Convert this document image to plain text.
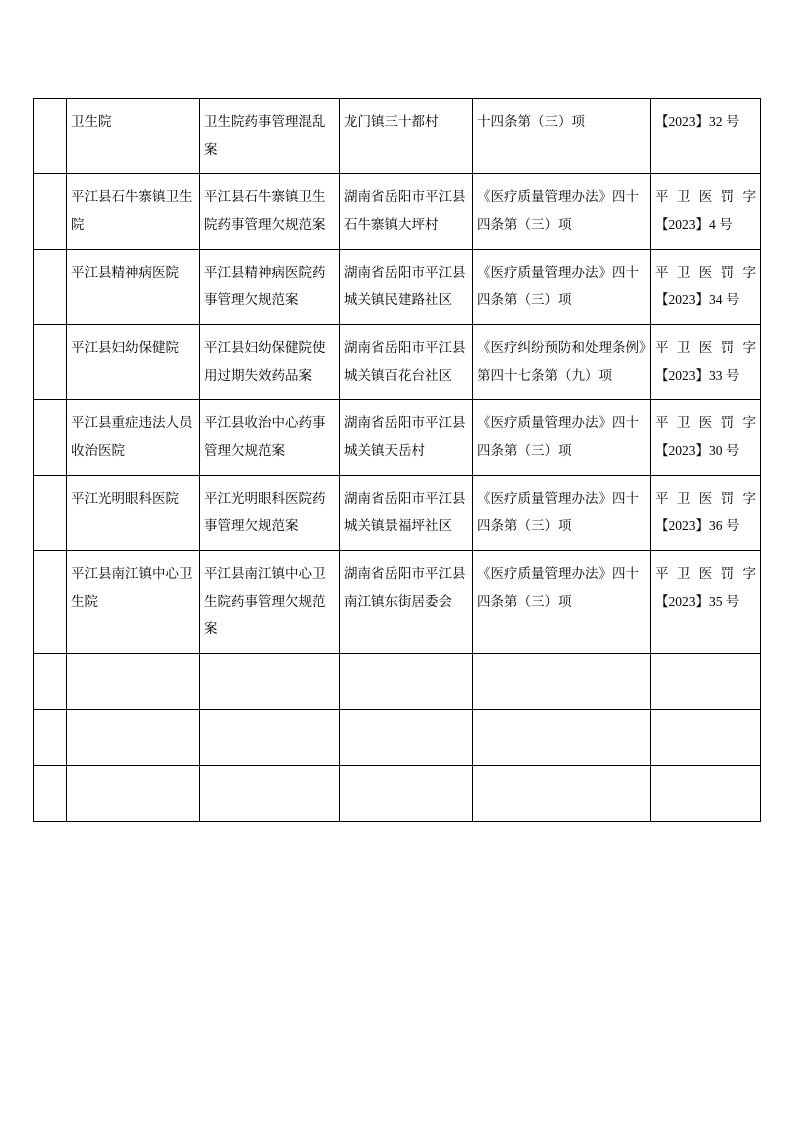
	卫生院	卫生院药事管理混乱案	龙门镇三十都村	十四条第（三）项	【2023】32 号

	平江县石牛寨镇卫生院	平江县石牛寨镇卫生院药事管理欠规范案	湖南省岳阳市平江县石牛寨镇大坪村	《医疗质量管理办法》四十四条第（三）项	平 卫 医 罚 字
【2023】4 号

	平江县精神病医院	平江县精神病医院药事管理欠规范案	湖南省岳阳市平江县城关镇民建路社区	《医疗质量管理办法》四十四条第（三）项	平 卫 医 罚 字
【2023】34 号

	平江县妇幼保健院	平江县妇幼保健院使用过期失效药品案	湖南省岳阳市平江县城关镇百花台社区	《医疗纠纷预防和处理条例》第四十七条第（九）项	平 卫 医 罚 字
【2023】33 号

	平江县重症违法人员收治医院	平江县收治中心药事管理欠规范案	湖南省岳阳市平江县城关镇天岳村	《医疗质量管理办法》四十四条第（三）项	平 卫 医 罚 字
【2023】30 号

	平江光明眼科医院	平江光明眼科医院药事管理欠规范案	湖南省岳阳市平江县城关镇景福坪社区	《医疗质量管理办法》四十四条第（三）项	平 卫 医 罚 字
【2023】36 号

	平江县南江镇中心卫生院	平江县南江镇中心卫生院药事管理欠规范案	湖南省岳阳市平江县南江镇东街居委会	《医疗质量管理办法》四十四条第（三）项	平 卫 医 罚 字
【2023】35 号
